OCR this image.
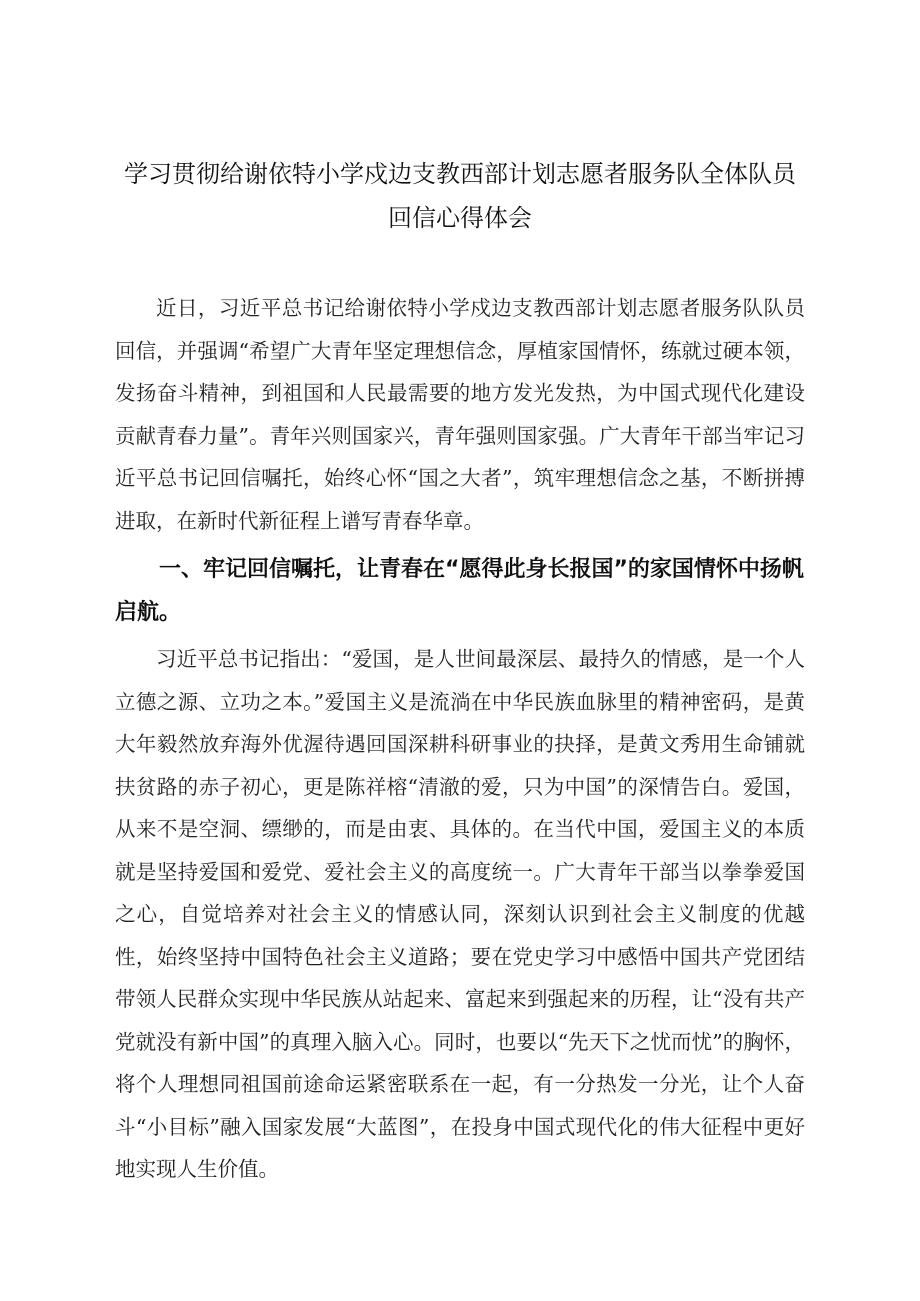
学习贯彻给谢依特小学戍边支教西部计划志愿者服务队全体队员
回信心得体会

近日，习近平总书记给谢依特小学戍边支教西部计划志愿者服务队队员回信，并强调“希望广大青年坚定理想信念，厚植家国情怀，练就过硬本领，发扬奋斗精神，到祖国和人民最需要的地方发光发热，为中国式现代化建设贡献青春力量”。青年兴则国家兴，青年强则国家强。广大青年干部当牢记习近平总书记回信嘱托，始终心怀“国之大者”，筑牢理想信念之基，不断拼搏进取，在新时代新征程上谱写青春华章。

一、牢记回信嘱托，让青春在“愿得此身长报国”的家国情怀中扬帆启航。

习近平总书记指出：“爱国，是人世间最深层、最持久的情感，是一个人立德之源、立功之本。”爱国主义是流淌在中华民族血脉里的精神密码，是黄大年毅然放弃海外优渥待遇回国深耕科研事业的抉择，是黄文秀用生命铺就扶贫路的赤子初心，更是陈祥榕“清澈的爱，只为中国”的深情告白。爱国，从来不是空洞、缥缈的，而是由衷、具体的。在当代中国，爱国主义的本质就是坚持爱国和爱党、爱社会主义的高度统一。广大青年干部当以拳拳爱国之心，自觉培养对社会主义的情感认同，深刻认识到社会主义制度的优越性，始终坚持中国特色社会主义道路；要在党史学习中感悟中国共产党团结带领人民群众实现中华民族从站起来、富起来到强起来的历程，让“没有共产党就没有新中国”的真理入脑入心。同时，也要以“先天下之忧而忧”的胸怀，将个人理想同祖国前途命运紧密联系在一起，有一分热发一分光，让个人奋斗“小目标”融入国家发展“大蓝图”，在投身中国式现代化的伟大征程中更好地实现人生价值。
